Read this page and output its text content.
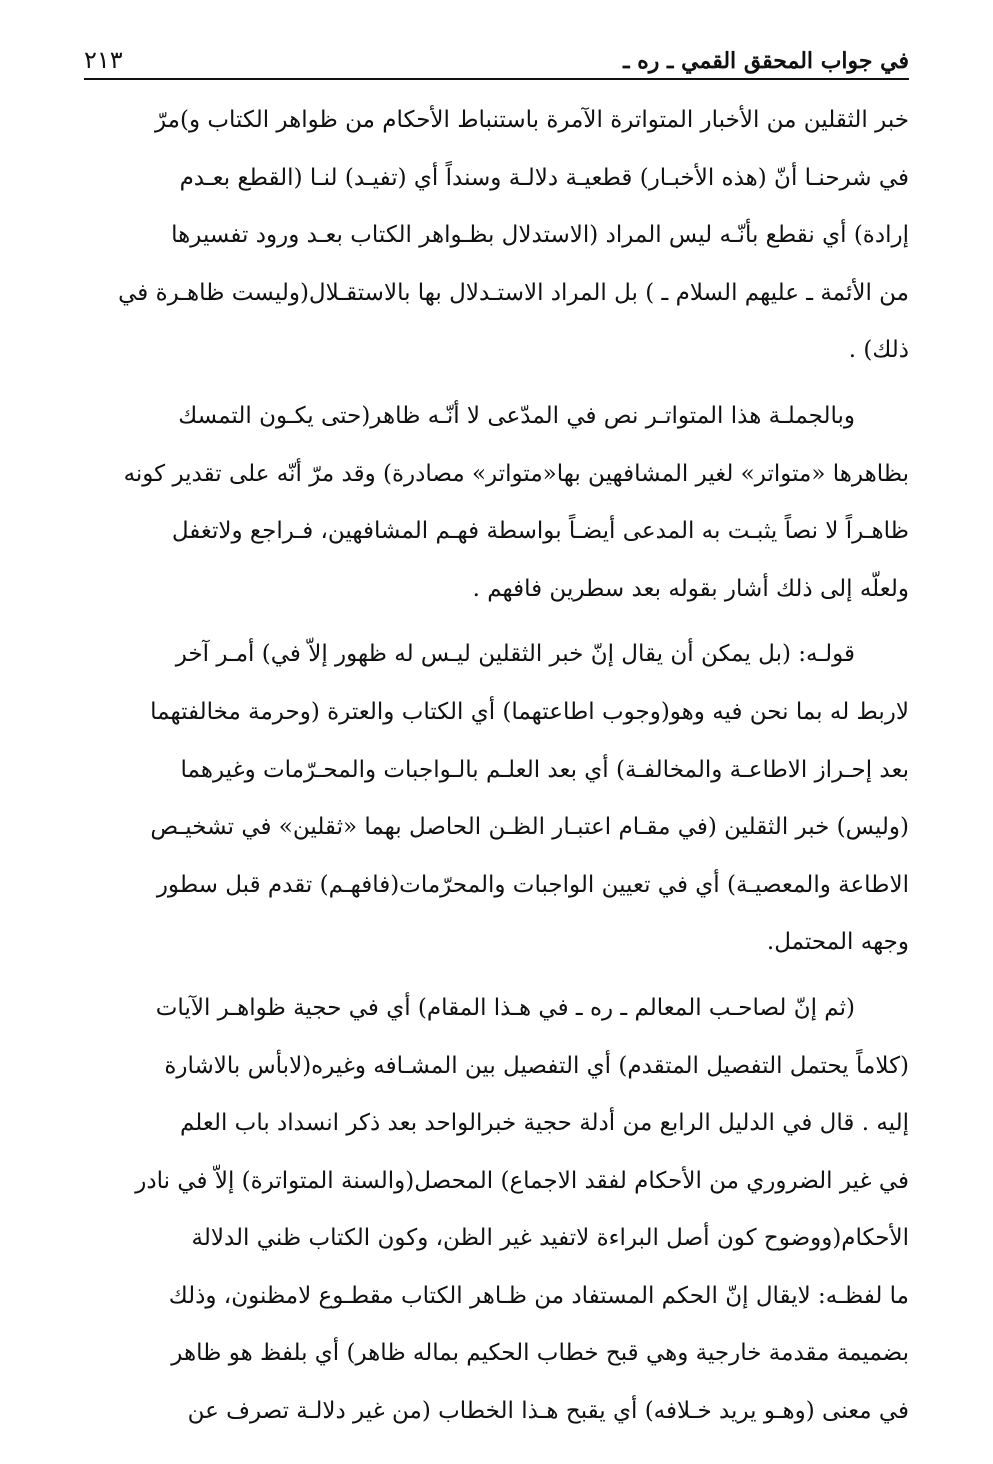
في جواب المحقق القمي ـ ره ـ
٢١٣
خبر الثقلين من الأخبار المتواترة الآمرة باستنباط الأحكام من ظواهر الكتاب و)مرّ
في شرحنـا أنّ (هذه الأخبـار) قطعيـة دلالـة وسنداً أي (تفيـد) لنـا (القطع بعـدم
إرادة) أي نقطع بأنّـه ليس المراد (الاستدلال بظـواهر الكتاب بعـد ورود تفسيرها
من الأئمة ـ عليهم السلام ـ ) بل المراد الاستـدلال بها بالاستقـلال(وليست ظاهـرة في
ذلك) .
وبالجملـة هذا المتواتـر نص في المدّعى لا أنّـه ظاهر(حتى يكـون التمسك
بظاهرها «متواتر» لغير المشافهين بها«متواتر» مصادرة) وقد مرّ أنّه على تقدير كونه
ظاهـراً لا نصاً يثبـت به المدعى أيضـاً بواسطة فهـم المشافهين، فـراجع ولاتغفل
ولعلّه إلى ذلك أشار بقوله بعد سطرين فافهم .
قولـه: (بل يمكن أن يقال إنّ خبر الثقلين ليـس له ظهور إلاّ في) أمـر آخر
لاربط له بما نحن فيه وهو(وجوب اطاعتهما) أي الكتاب والعترة (وحرمة مخالفتهما
بعد إحـراز الاطاعـة والمخالفـة) أي بعد العلـم بالـواجبات والمحـرّمات وغيرهما
(وليس) خبر الثقلين (في مقـام اعتبـار الظـن الحاصل بهما «ثقلين» في تشخيـص
الاطاعة والمعصيـة) أي في تعيين الواجبات والمحرّمات(فافهـم) تقدم قبل سطور
وجهه المحتمل.
(ثم إنّ لصاحـب المعالم ـ ره ـ في هـذا المقام) أي في حجية ظواهـر الآيات
(كلاماً يحتمل التفصيل المتقدم) أي التفصيل بين المشـافه وغيره(لابأس بالاشارة
إليه . قال في الدليل الرابع من أدلة حجية خبرالواحد بعد ذكر انسداد باب العلم
في غير الضروري من الأحكام لفقد الاجماع) المحصل(والسنة المتواترة) إلاّ في نادر
الأحكام(ووضوح كون أصل البراءة لاتفيد غير الظن، وكون الكتاب ظني الدلالة
ما لفظـه: لايقال إنّ الحكم المستفاد من ظـاهر الكتاب مقطـوع لامظنون، وذلك
بضميمة مقدمة خارجية وهي قبح خطاب الحكيم بماله ظاهر) أي بلفظ هو ظاهر
في معنى (وهـو يريد خـلافه) أي يقبح هـذا الخطاب (من غير دلالـة تصرف عن
